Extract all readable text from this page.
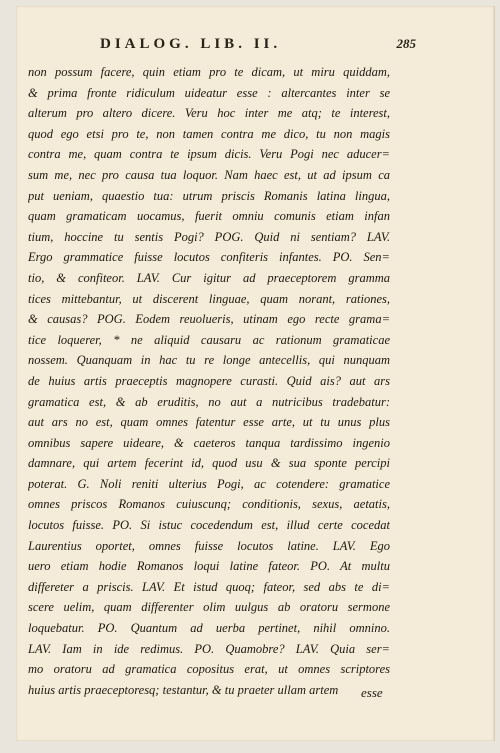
DIALOG. LIB. II.	285
non possum facere, quin etiam pro te dicam, ut miru quiddam,
& prima fronte ridiculum uideatur esse : altercantes inter se
alterum pro altero dicere. Veru hoc inter me atq; te interest,
quod ego etsi pro te, non tamen contra me dico, tu non magis
contra me, quam contra te ipsum dicis. Veru Pogi nec aducer=
sum me, nec pro causa tua loquor. Nam haec est, ut ad ipsum ca
put ueniam, quaestio tua: utrum priscis Romanis latina lingua,
quam gramaticam uocamus, fuerit omniu comunis etiam infan
tium, hoccine tu sentis Pogi? POG. Quid ni sentiam? LAV.
Ergo grammatice fuisse locutos confiteris infantes. PO. Sen=
tio, & confiteor. LAV. Cur igitur ad praeceptorem gramma
tices mittebantur, ut discerent linguae, quam norant, rationes,
& causas? POG. Eodem reuolueris, utinam ego recte grama=
tice loquerer, * ne aliquid causaru ac rationum gramaticae
nossem. Quanquam in hac tu re longe antecellis, qui nunquam
de huius artis praeceptis magnopere curasti. Quid ais? aut ars
gramatica est, & ab eruditis, no aut a nutricibus tradebatur:
aut ars no est, quam omnes fatentur esse arte, ut tu unus plus
omnibus sapere uideare, & caeteros tanqua tardissimo ingenio
damnare, qui artem fecerint id, quod usu & sua sponte percipi
poterat. G. Noli reniti ulterius Pogi, ac cotendere: gramatice
omnes priscos Romanos cuiuscunq; conditionis, sexus, aetatis,
locutos fuisse. PO. Si istuc cocedendum est, illud certe cocedat
Laurentius oportet, omnes fuisse locutos latine. LAV. Ego
uero etiam hodie Romanos loqui latine fateor. PO. At multu
differeter a priscis. LAV. Et istud quoq; fateor, sed abs te di=
scere uelim, quam differenter olim uulgus ab oratoru sermone
loquebatur. PO. Quantum ad uerba pertinet, nihil omnino.
LAV. Iam in ide redimus. PO. Quamobre? LAV. Quia ser=
mo oratoru ad gramatica copositus erat, ut omnes scriptores
huius artis praeceptoresq; testantur, & tu praeter ullam artem	esse
